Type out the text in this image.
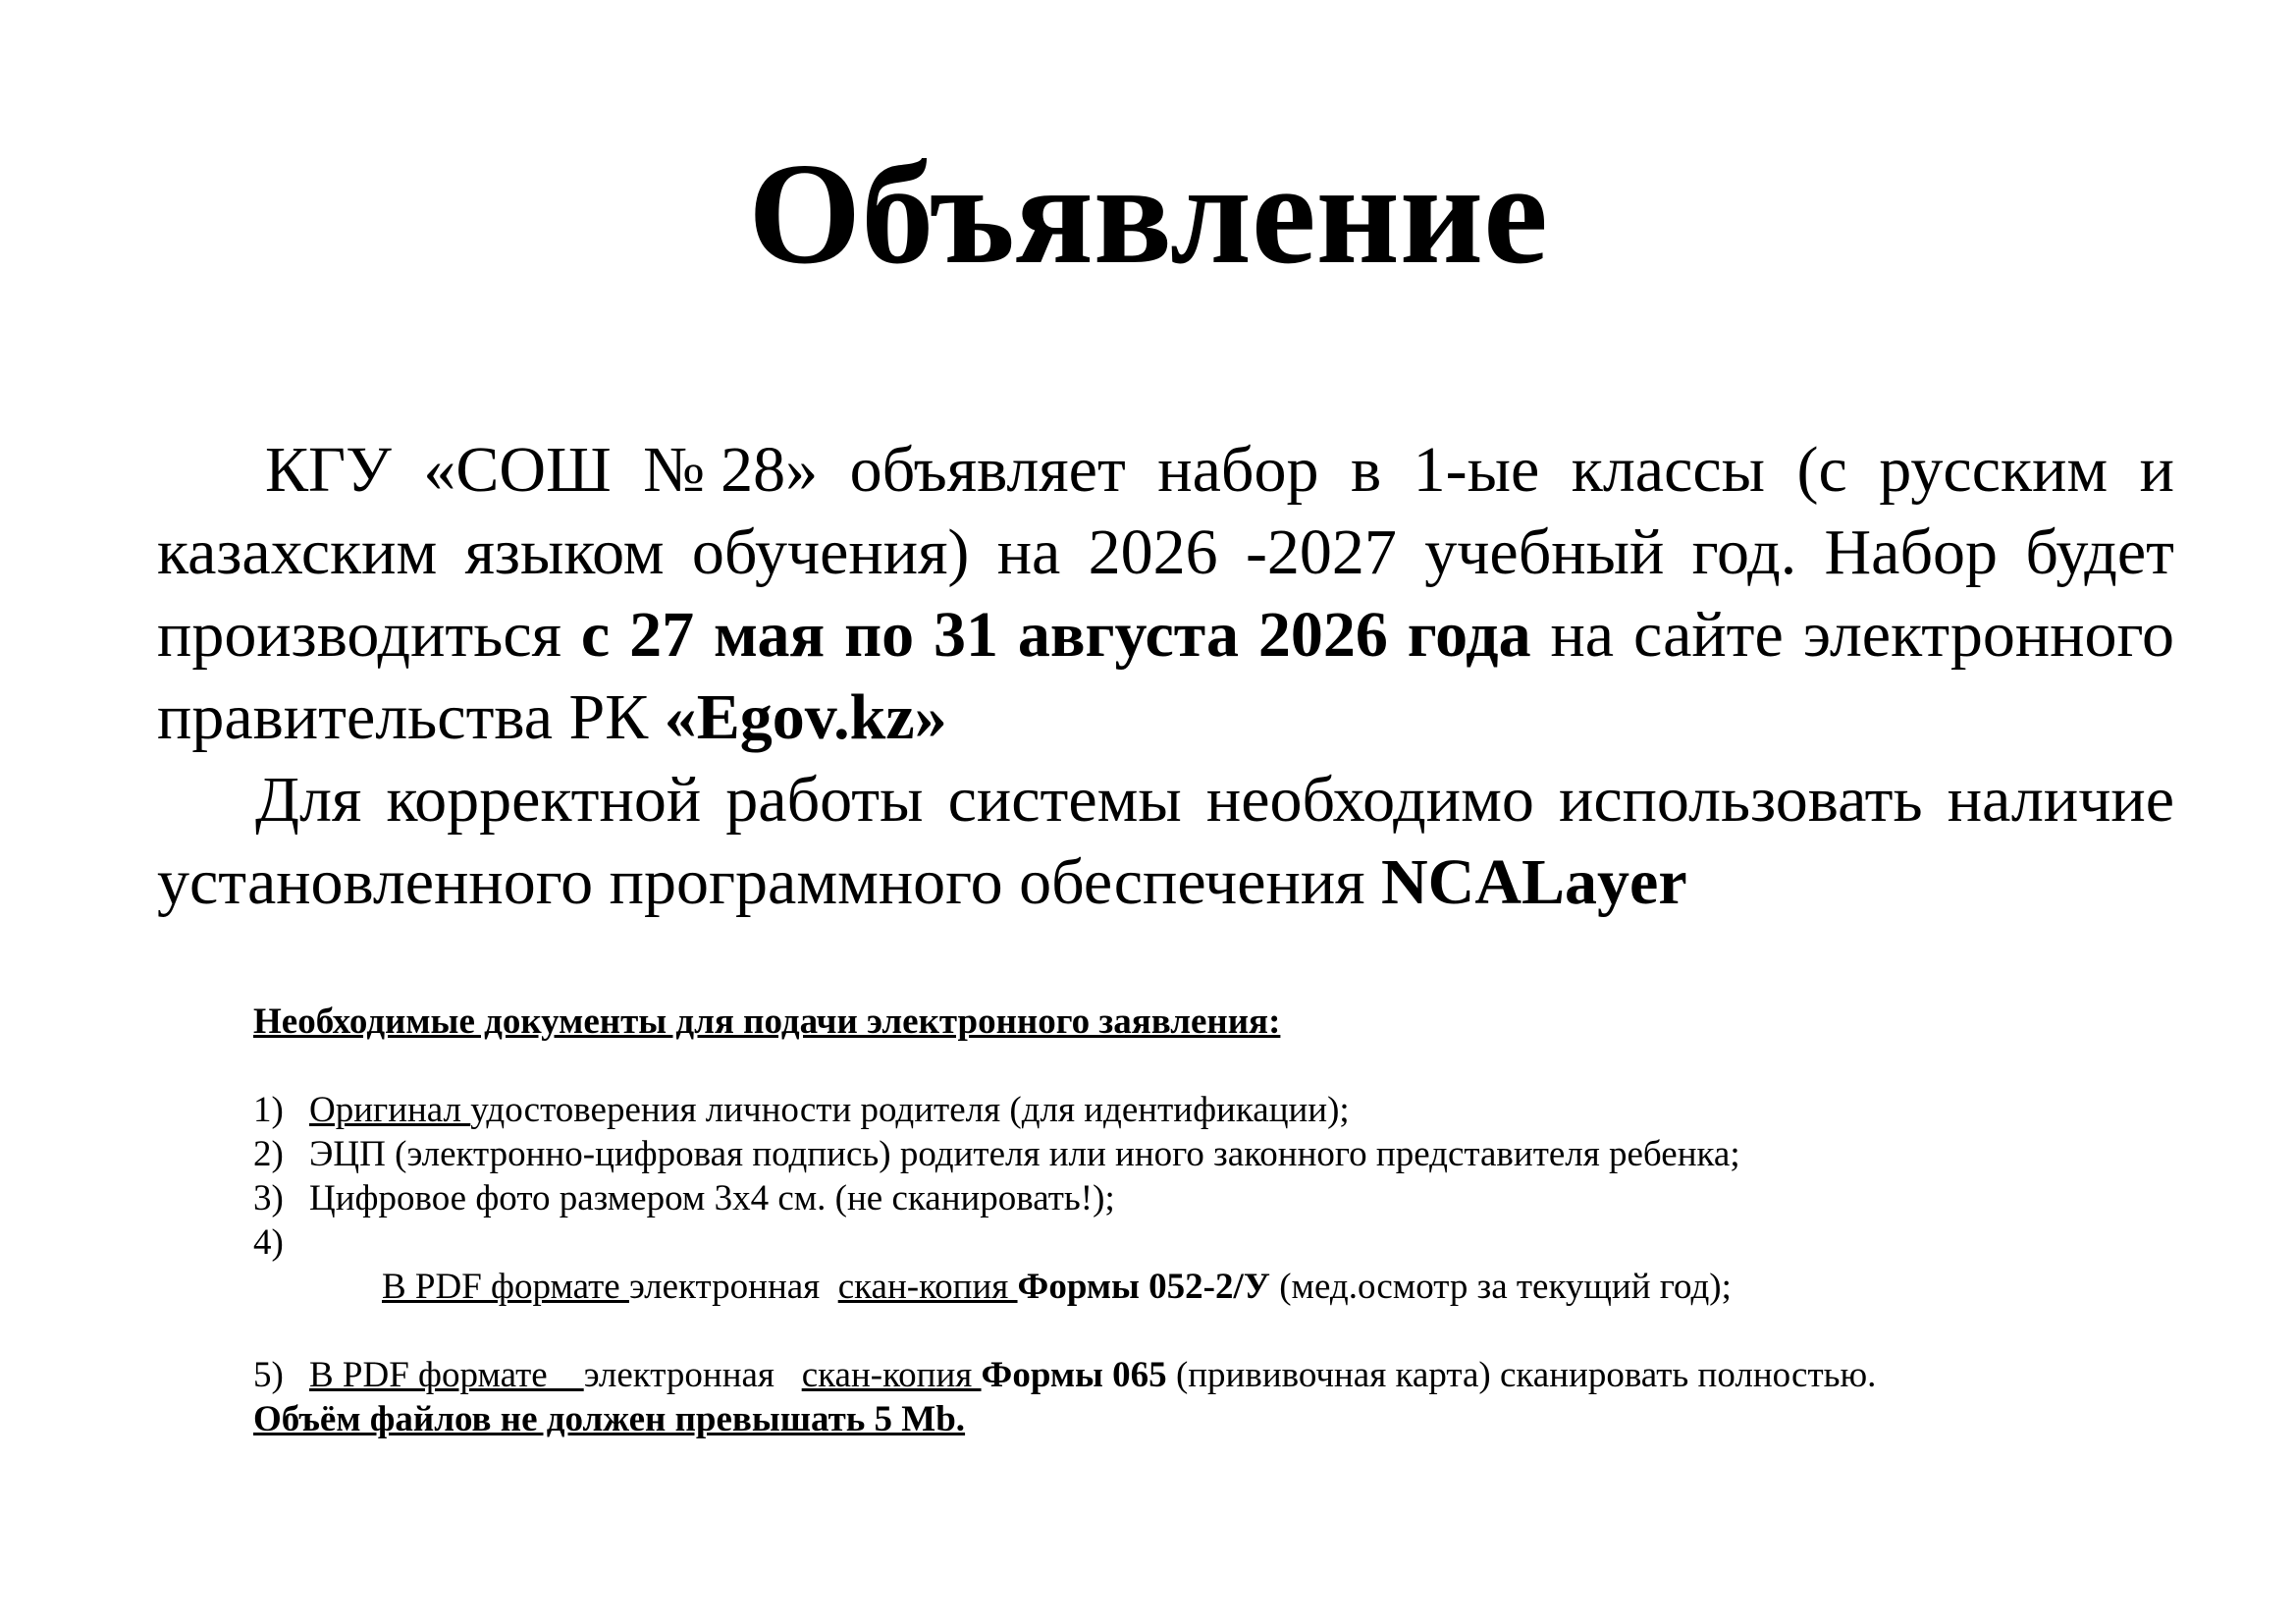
Объявление

КГУ «СОШ №28» объявляет набор в 1-ые классы (с русским и казахским языком обучения) на 2026 -2027 учебный год. Набор будет производиться с 27 мая по 31 августа 2026 года на сайте электронного правительства РК «Egov.kz»

Для корректной работы системы необходимо использовать наличие установленного программного обеспечения NCALayer

Необходимые документы для подачи электронного заявления:

1) Оригинал удостоверения личности родителя (для идентификации);
2) ЭЦП (электронно-цифровая подпись) родителя или иного законного представителя ребенка;
3) Цифровое фото размером 3х4 см. (не сканировать!);

4)
В PDF формате электронная  скан-копия Формы 052-2/У (мед.осмотр за текущий год);

5) В PDF формате    электронная   скан-копия Формы 065 (прививочная карта) сканировать полностью.

Объём файлов не должен превышать 5 Mb.
